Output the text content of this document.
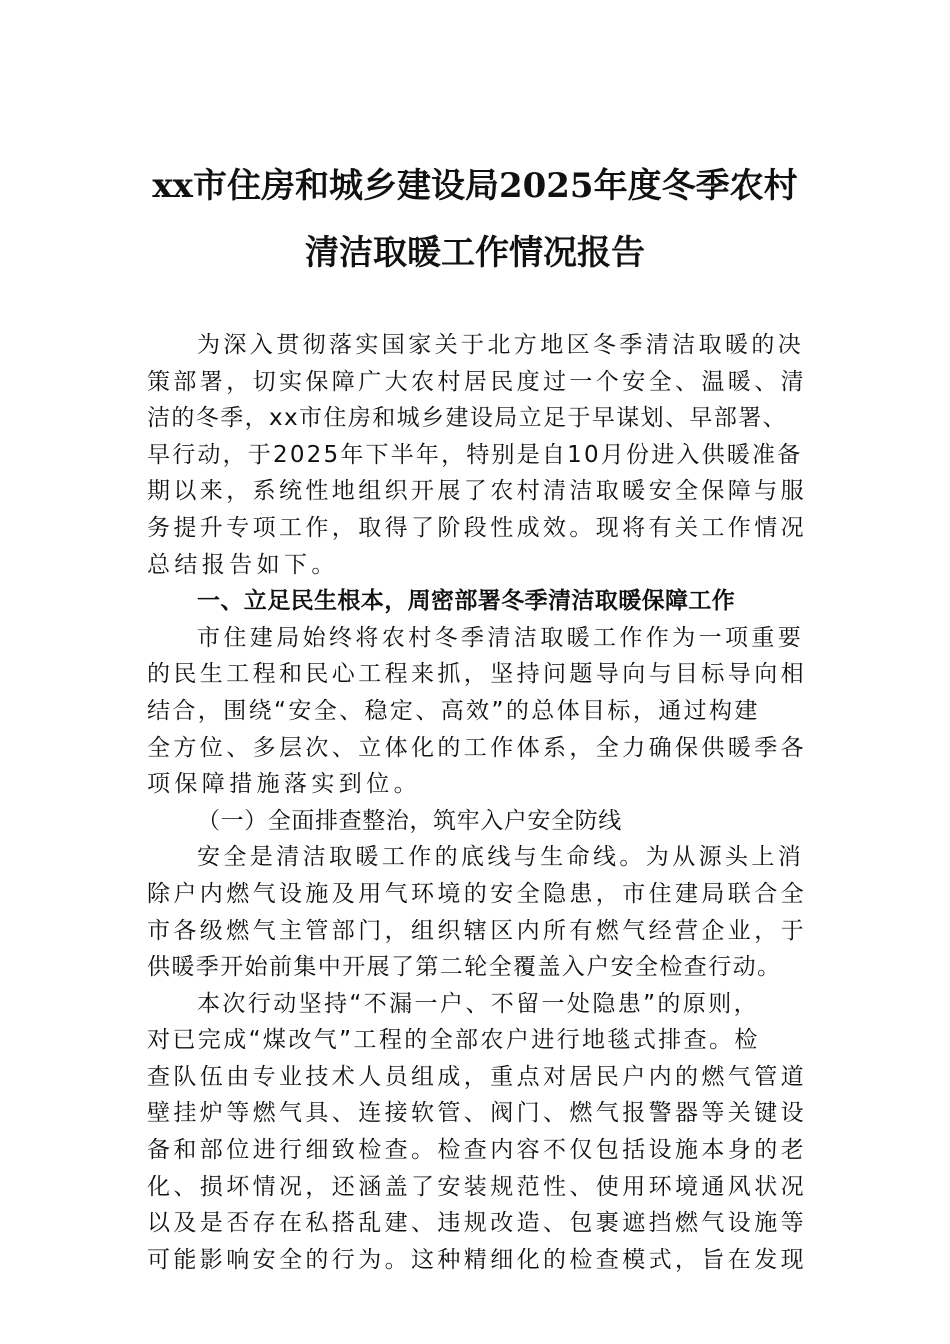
xx市住房和城乡建设局2025年度冬季农村
清洁取暖工作情况报告
为深入贯彻落实国家关于北方地区冬季清洁取暖的决
策部署，切实保障广大农村居民度过一个安全、温暖、清
洁的冬季，xx市住房和城乡建设局立足于早谋划、早部署、
早行动，于2025年下半年，特别是自10月份进入供暖准备
期以来，系统性地组织开展了农村清洁取暖安全保障与服
务提升专项工作，取得了阶段性成效。现将有关工作情况
总结报告如下。
一、立足民生根本，周密部署冬季清洁取暖保障工作
市住建局始终将农村冬季清洁取暖工作作为一项重要
的民生工程和民心工程来抓，坚持问题导向与目标导向相
结合，围绕“安全、稳定、高效”的总体目标，通过构建
全方位、多层次、立体化的工作体系，全力确保供暖季各
项保障措施落实到位。
（一）全面排查整治，筑牢入户安全防线
安全是清洁取暖工作的底线与生命线。为从源头上消
除户内燃气设施及用气环境的安全隐患，市住建局联合全
市各级燃气主管部门，组织辖区内所有燃气经营企业，于
供暖季开始前集中开展了第二轮全覆盖入户安全检查行动。
本次行动坚持“不漏一户、不留一处隐患”的原则，
对已完成“煤改气”工程的全部农户进行地毯式排查。检
查队伍由专业技术人员组成，重点对居民户内的燃气管道
壁挂炉等燃气具、连接软管、阀门、燃气报警器等关键设
备和部位进行细致检查。检查内容不仅包括设施本身的老
化、损坏情况，还涵盖了安装规范性、使用环境通风状况
以及是否存在私搭乱建、违规改造、包裹遮挡燃气设施等
可能影响安全的行为。这种精细化的检查模式，旨在发现
